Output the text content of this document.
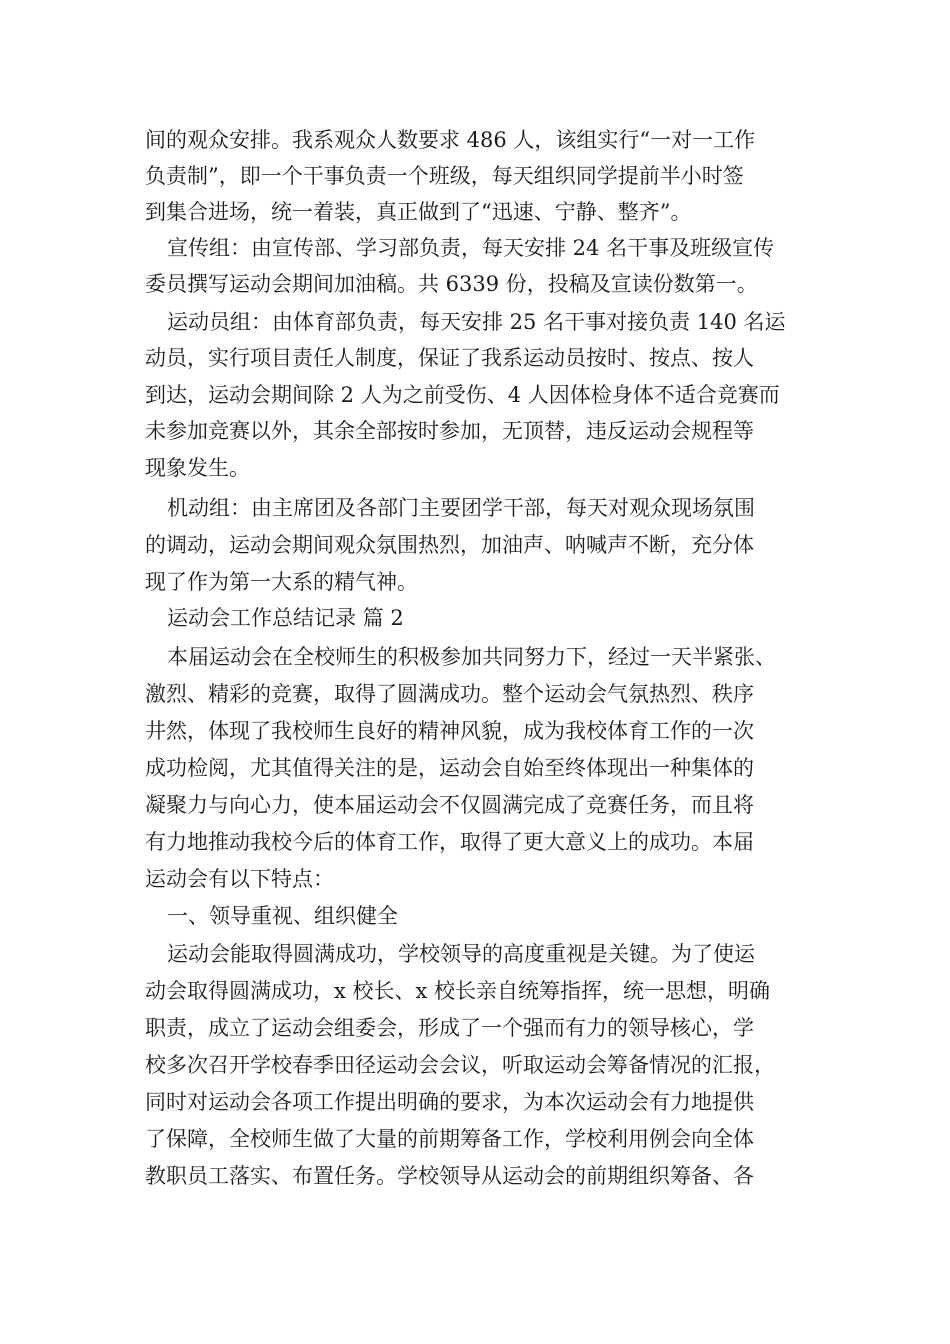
间的观众安排。我系观众人数要求 486 人，该组实行“一对一工作
负责制”，即一个干事负责一个班级，每天组织同学提前半小时签
到集合进场，统一着装，真正做到了“迅速、宁静、整齐”。
宣传组：由宣传部、学习部负责，每天安排 24 名干事及班级宣传
委员撰写运动会期间加油稿。共 6339 份，投稿及宣读份数第一。
运动员组：由体育部负责，每天安排 25 名干事对接负责 140 名运
动员，实行项目责任人制度，保证了我系运动员按时、按点、按人
到达，运动会期间除 2 人为之前受伤、4 人因体检身体不适合竞赛而
未参加竞赛以外，其余全部按时参加，无顶替，违反运动会规程等
现象发生。
机动组：由主席团及各部门主要团学干部，每天对观众现场氛围
的调动，运动会期间观众氛围热烈，加油声、呐喊声不断，充分体
现了作为第一大系的精气神。
运动会工作总结记录 篇 2
本届运动会在全校师生的积极参加共同努力下，经过一天半紧张、
激烈、精彩的竞赛，取得了圆满成功。整个运动会气氛热烈、秩序
井然，体现了我校师生良好的精神风貌，成为我校体育工作的一次
成功检阅，尤其值得关注的是，运动会自始至终体现出一种集体的
凝聚力与向心力，使本届运动会不仅圆满完成了竞赛任务，而且将
有力地推动我校今后的体育工作，取得了更大意义上的成功。本届
运动会有以下特点：
一、领导重视、组织健全
运动会能取得圆满成功，学校领导的高度重视是关键。为了使运
动会取得圆满成功，x 校长、x 校长亲自统筹指挥，统一思想，明确
职责，成立了运动会组委会，形成了一个强而有力的领导核心，学
校多次召开学校春季田径运动会会议，听取运动会筹备情况的汇报，
同时对运动会各项工作提出明确的要求，为本次运动会有力地提供
了保障，全校师生做了大量的前期筹备工作，学校利用例会向全体
教职员工落实、布置任务。学校领导从运动会的前期组织筹备、各
